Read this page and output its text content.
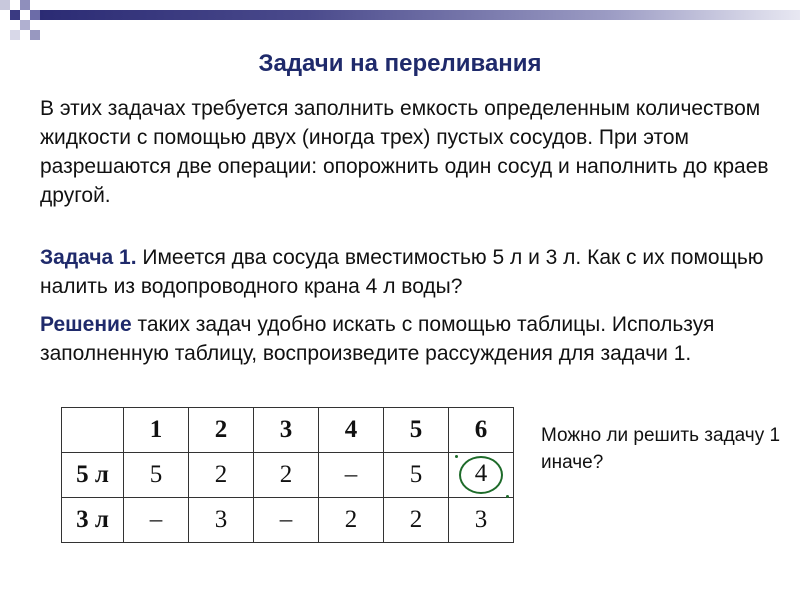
Задачи на переливания

В этих задачах требуется заполнить емкость определенным количеством жидкости с помощью двух (иногда трех) пустых сосудов. При этом разрешаются две операции: опорожнить один сосуд и наполнить до краев другой.

Задача 1. Имеется два сосуда вместимостью 5 л и 3 л. Как с их помощью налить из водопроводного крана 4 л воды?

Решение таких задач удобно искать с помощью таблицы. Используя заполненную таблицу, воспроизведите рассуждения для задачи 1.

	1	2	3	4	5	6
5 л	5	2	2	–	5	4

3 л	–	3	–	2	2	3
Можно ли решить задачу 1 иначе?
